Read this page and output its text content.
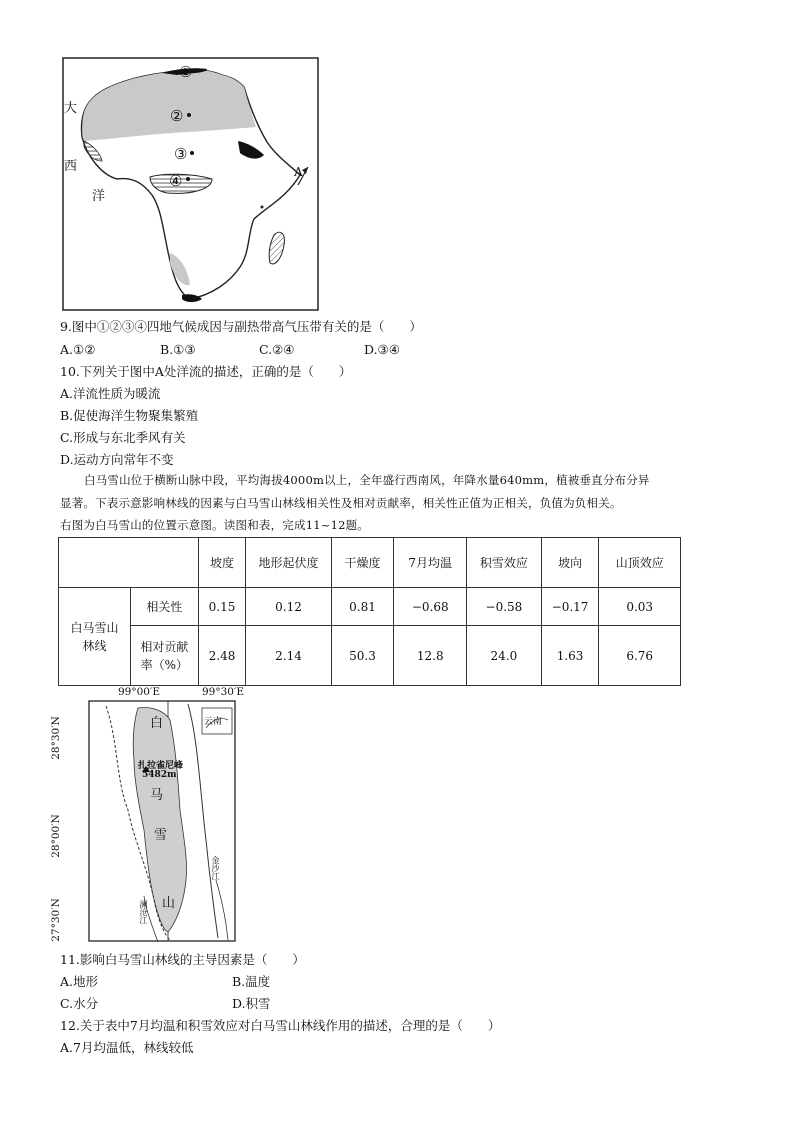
大
西
洋
①
②
③
④	A
9.图中①②③④四地气候成因与副热带高气压带有关的是（　　）
A.①②	B.①③	C.②④	D.③④
10.下列关于图中A处洋流的描述，正确的是（　　）
A.洋流性质为暖流
B.促使海洋生物聚集繁殖
C.形成与东北季风有关
D.运动方向常年不变
白马雪山位于横断山脉中段，平均海拔4000m以上，全年盛行西南风，年降水量640mm，植被垂直分布分异
显著。下表示意影响林线的因素与白马雪山林线相关性及相对贡献率，相关性正值为正相关，负值为负相关。
右图为白马雪山的位置示意图。读图和表，完成11~12题。
		坡度	地形起伏度	干燥度	7月均温	积雪效应	坡向	山顶效应
白马雪山林线	相关性	0.15	0.12	0.81	−0.68	−0.58	−0.17	0.03
	相对贡献率（%）	2.48	2.14	50.3	12.8	24.0	1.63	6.76
99°00′E	99°30′E
28°30′N
28°00′N
27°30′N
白
扎拉雀尼峰
5482m
马
雪
山
云南
金沙江
澜沧江
11.影响白马雪山林线的主导因素是（　　）
A.地形	B.温度
C.水分	D.积雪
12.关于表中7月均温和积雪效应对白马雪山林线作用的描述，合理的是（　　）
A.7月均温低，林线较低
